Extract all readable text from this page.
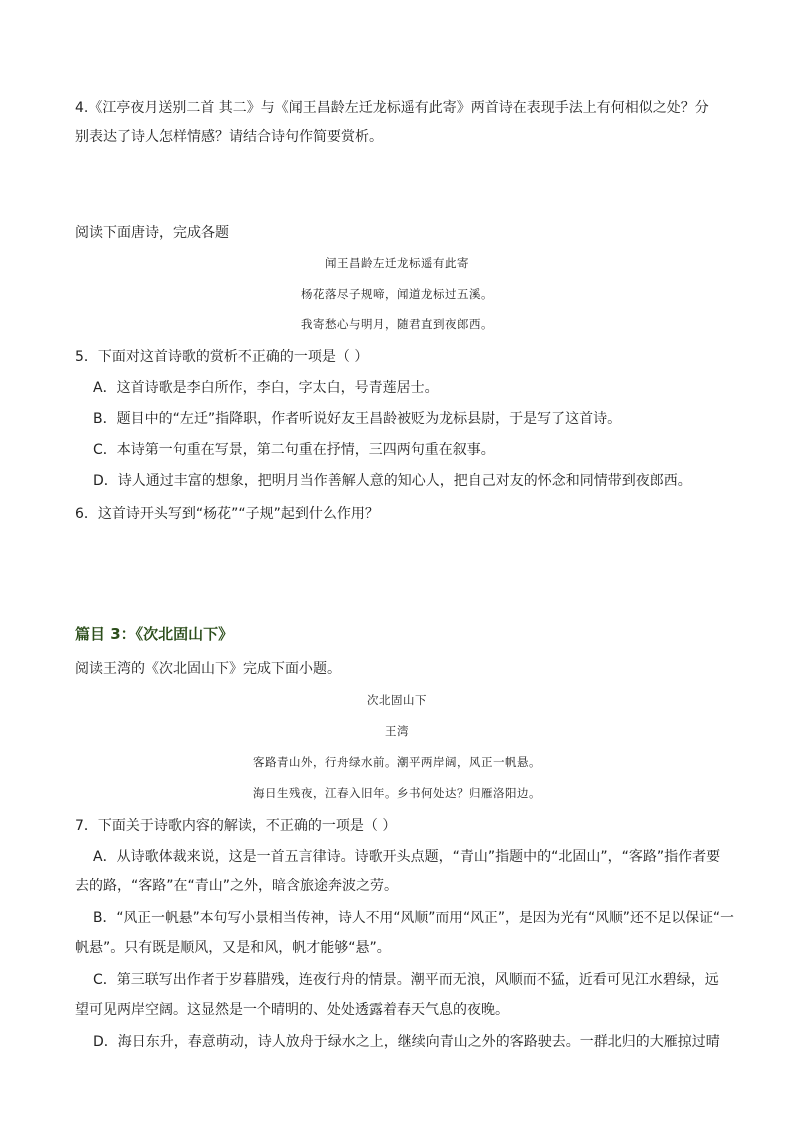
4.《江亭夜月送别二首 其二》与《闻王昌龄左迁龙标遥有此寄》两首诗在表现手法上有何相似之处？分
别表达了诗人怎样情感？请结合诗句作简要赏析。
阅读下面唐诗，完成各题
闻王昌龄左迁龙标遥有此寄
杨花落尽子规啼，闻道龙标过五溪。
我寄愁心与明月，随君直到夜郎西。
5．下面对这首诗歌的赏析不正确的一项是（ ）
A．这首诗歌是李白所作，李白，字太白，号青莲居士。
B．题目中的“左迁”指降职，作者听说好友王昌龄被贬为龙标县尉，于是写了这首诗。
C．本诗第一句重在写景，第二句重在抒情，三四两句重在叙事。
D．诗人通过丰富的想象，把明月当作善解人意的知心人，把自己对友的怀念和同情带到夜郎西。
6．这首诗开头写到“杨花”“子规”起到什么作用？
篇目 3：《次北固山下》
阅读王湾的《次北固山下》完成下面小题。
次北固山下
王湾
客路青山外，行舟绿水前。潮平两岸阔，风正一帆悬。
海日生残夜，江春入旧年。乡书何处达？归雁洛阳边。
7．下面关于诗歌内容的解读，不正确的一项是（ ）
A．从诗歌体裁来说，这是一首五言律诗。诗歌开头点题，“青山”指题中的“北固山”，“客路”指作者要
去的路，“客路”在“青山”之外，暗含旅途奔波之劳。
B．“风正一帆悬”本句写小景相当传神，诗人不用“风顺”而用“风正”，是因为光有“风顺”还不足以保证“一
帆悬”。只有既是顺风，又是和风，帆才能够“悬”。
C．第三联写出作者于岁暮腊残，连夜行舟的情景。潮平而无浪，风顺而不猛，近看可见江水碧绿，远
望可见两岸空阔。这显然是一个晴明的、处处透露着春天气息的夜晚。
D．海日东升，春意萌动，诗人放舟于绿水之上，继续向青山之外的客路驶去。一群北归的大雁掠过晴
